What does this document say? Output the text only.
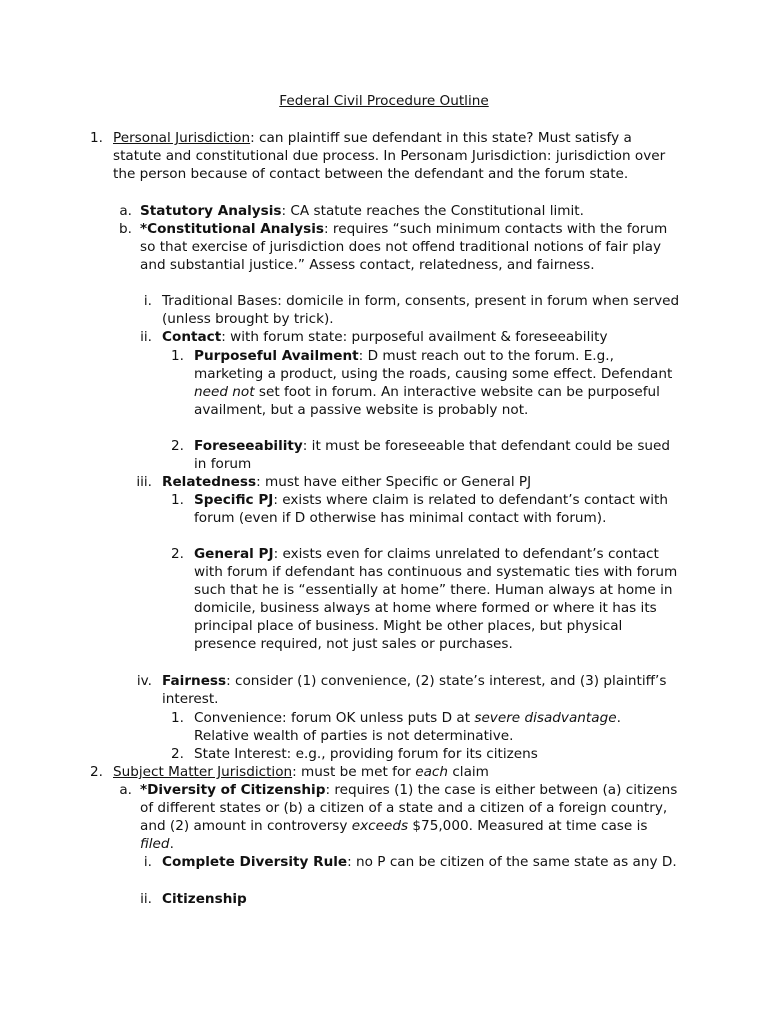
Federal Civil Procedure Outline
1. Personal Jurisdiction: can plaintiff sue defendant in this state? Must satisfy a statute and constitutional due process. In Personam Jurisdiction: jurisdiction over the person because of contact between the defendant and the forum state.
a. Statutory Analysis: CA statute reaches the Constitutional limit.
b. *Constitutional Analysis: requires “such minimum contacts with the forum so that exercise of jurisdiction does not offend traditional notions of fair play and substantial justice.” Assess contact, relatedness, and fairness.
i. Traditional Bases: domicile in form, consents, present in forum when served (unless brought by trick).
ii. Contact: with forum state: purposeful availment & foreseeability
1. Purposeful Availment: D must reach out to the forum. E.g., marketing a product, using the roads, causing some effect. Defendant need not set foot in forum. An interactive website can be purposeful availment, but a passive website is probably not.
2. Foreseeability: it must be foreseeable that defendant could be sued in forum
iii. Relatedness: must have either Specific or General PJ
1. Specific PJ: exists where claim is related to defendant’s contact with forum (even if D otherwise has minimal contact with forum).
2. General PJ: exists even for claims unrelated to defendant’s contact with forum if defendant has continuous and systematic ties with forum such that he is “essentially at home” there. Human always at home in domicile, business always at home where formed or where it has its principal place of business. Might be other places, but physical presence required, not just sales or purchases.
iv. Fairness: consider (1) convenience, (2) state’s interest, and (3) plaintiff’s interest.
1. Convenience: forum OK unless puts D at severe disadvantage. Relative wealth of parties is not determinative.
2. State Interest: e.g., providing forum for its citizens
2. Subject Matter Jurisdiction: must be met for each claim
a. *Diversity of Citizenship: requires (1) the case is either between (a) citizens of different states or (b) a citizen of a state and a citizen of a foreign country, and (2) amount in controversy exceeds $75,000. Measured at time case is filed.
i. Complete Diversity Rule: no P can be citizen of the same state as any D.
ii. Citizenship
